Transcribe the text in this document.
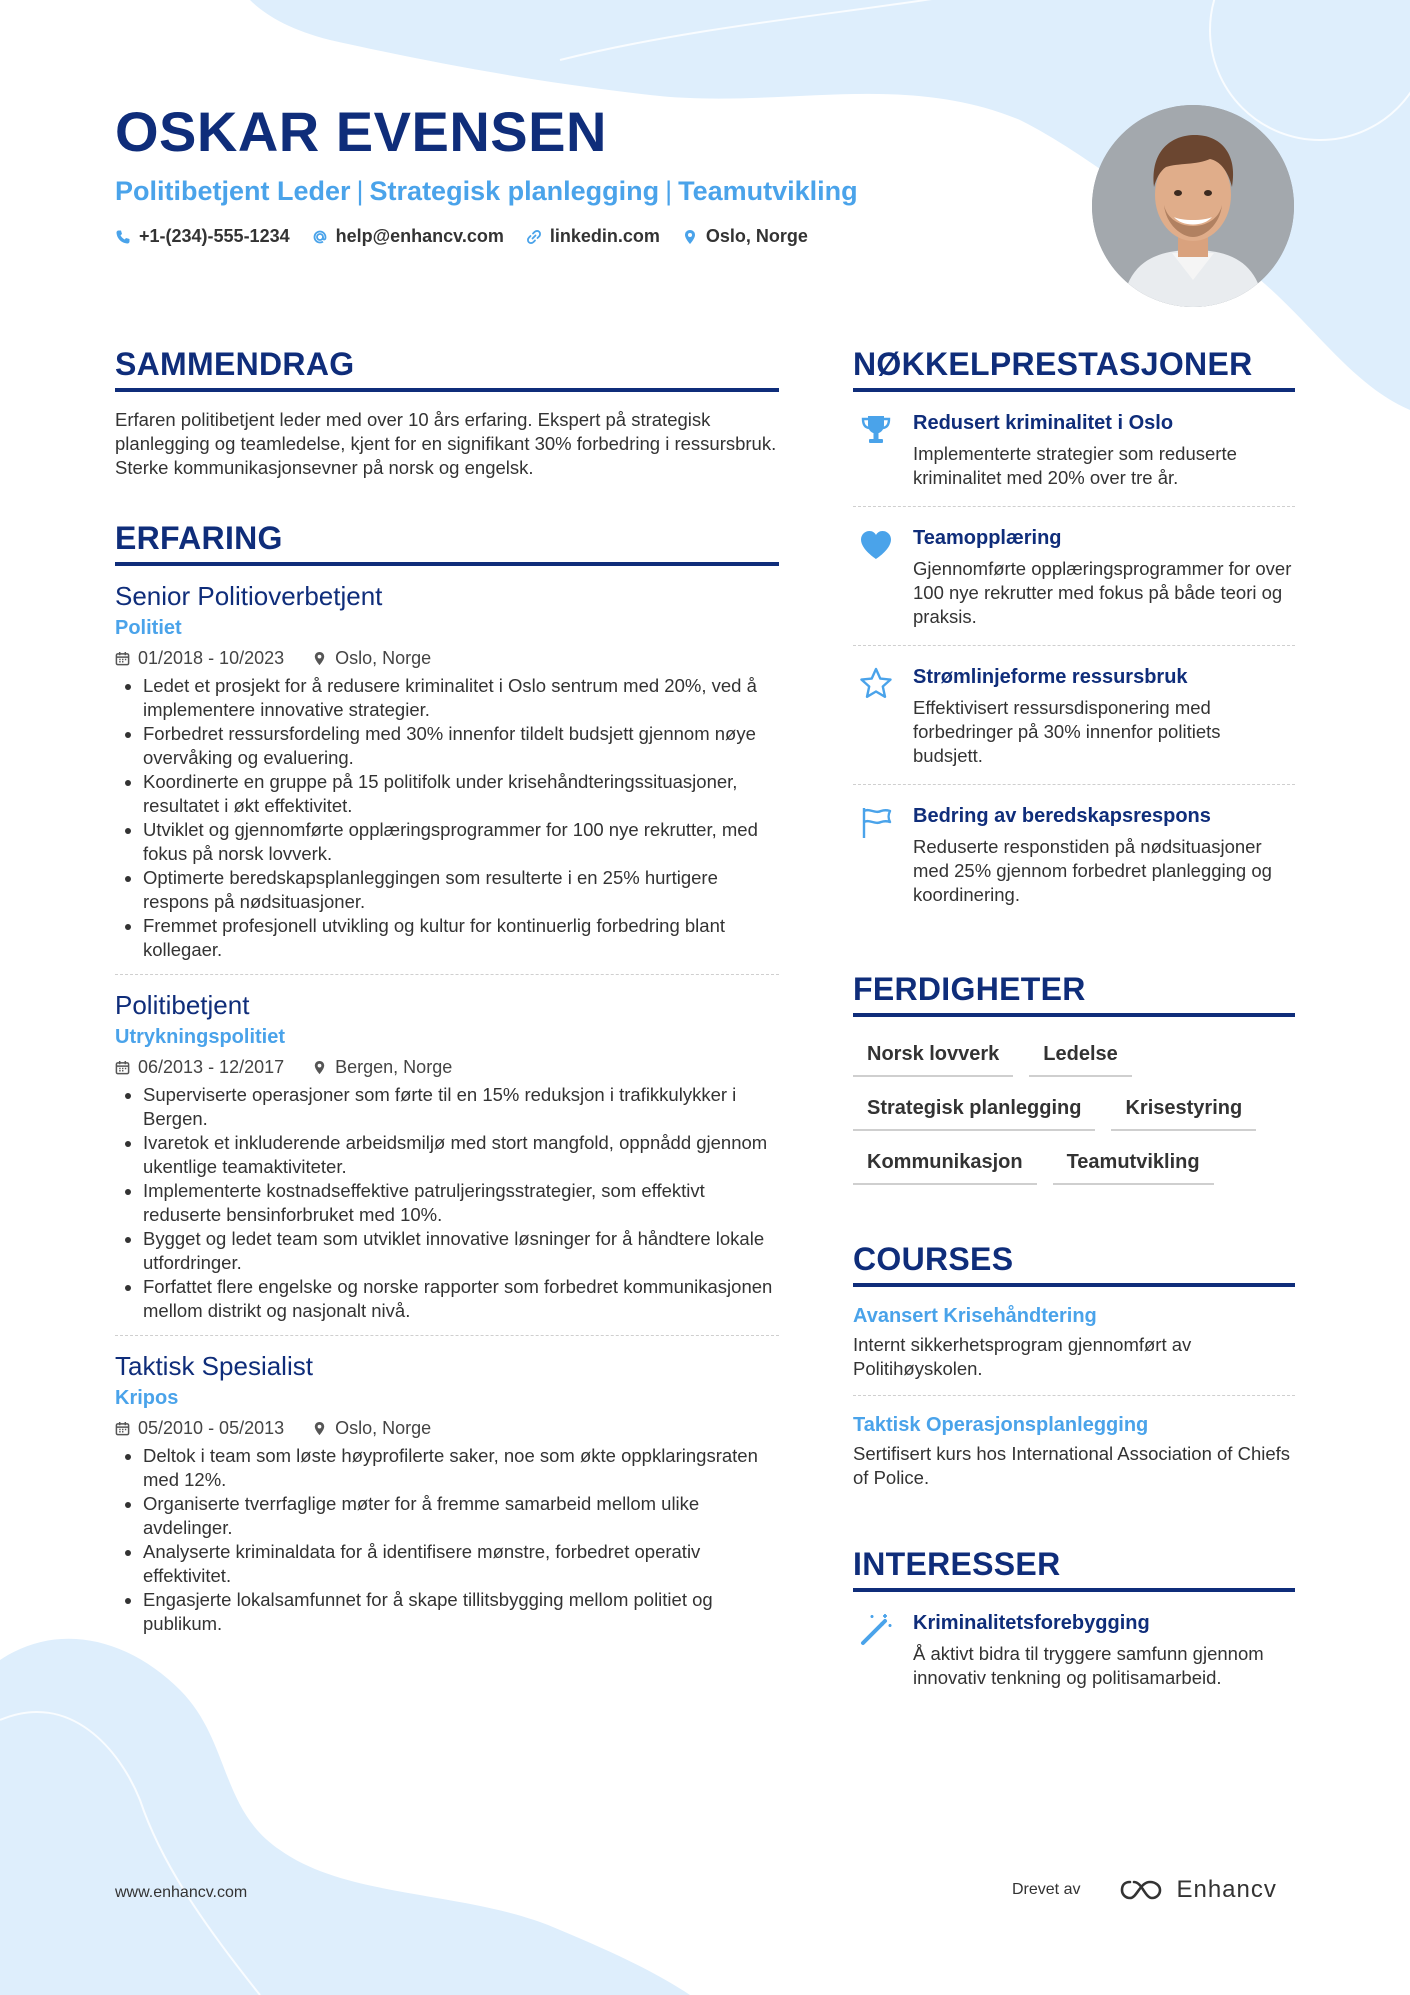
OSKAR EVENSEN
Politibetjent Leder | Strategisk planlegging | Teamutvikling
+1-(234)-555-1234	help@enhancv.com	linkedin.com	Oslo, Norge
SAMMENDRAG
Erfaren politibetjent leder med over 10 års erfaring. Ekspert på strategisk planlegging og teamledelse, kjent for en signifikant 30% forbedring i ressursbruk. Sterke kommunikasjonsevner på norsk og engelsk.
ERFARING
Senior Politioverbetjent
Politiet
01/2018 - 10/2023	Oslo, Norge
Ledet et prosjekt for å redusere kriminalitet i Oslo sentrum med 20%, ved å implementere innovative strategier.
Forbedret ressursfordeling med 30% innenfor tildelt budsjett gjennom nøye overvåking og evaluering.
Koordinerte en gruppe på 15 politifolk under krisehåndteringssituasjoner, resultatet i økt effektivitet.
Utviklet og gjennomførte opplæringsprogrammer for 100 nye rekrutter, med fokus på norsk lovverk.
Optimerte beredskapsplanleggingen som resulterte i en 25% hurtigere respons på nødsituasjoner.
Fremmet profesjonell utvikling og kultur for kontinuerlig forbedring blant kollegaer.
Politibetjent
Utrykningspolitiet
06/2013 - 12/2017	Bergen, Norge
Superviserte operasjoner som førte til en 15% reduksjon i trafikkulykker i Bergen.
Ivaretok et inkluderende arbeidsmiljø med stort mangfold, oppnådd gjennom ukentlige teamaktiviteter.
Implementerte kostnadseffektive patruljeringsstrategier, som effektivt reduserte bensinforbruket med 10%.
Bygget og ledet team som utviklet innovative løsninger for å håndtere lokale utfordringer.
Forfattet flere engelske og norske rapporter som forbedret kommunikasjonen mellom distrikt og nasjonalt nivå.
Taktisk Spesialist
Kripos
05/2010 - 05/2013	Oslo, Norge
Deltok i team som løste høyprofilerte saker, noe som økte oppklaringsraten med 12%.
Organiserte tverrfaglige møter for å fremme samarbeid mellom ulike avdelinger.
Analyserte kriminaldata for å identifisere mønstre, forbedret operativ effektivitet.
Engasjerte lokalsamfunnet for å skape tillitsbygging mellom politiet og publikum.
NØKKELPRESTASJONER
Redusert kriminalitet i Oslo
Implementerte strategier som reduserte kriminalitet med 20% over tre år.
Teamopplæring
Gjennomførte opplæringsprogrammer for over 100 nye rekrutter med fokus på både teori og praksis.
Strømlinjeforme ressursbruk
Effektivisert ressursdisponering med forbedringer på 30% innenfor politiets budsjett.
Bedring av beredskapsrespons
Reduserte responstiden på nødsituasjoner med 25% gjennom forbedret planlegging og koordinering.
FERDIGHETER
Norsk lovverk	Ledelse
Strategisk planlegging	Krisestyring
Kommunikasjon	Teamutvikling
COURSES
Avansert Krisehåndtering
Internt sikkerhetsprogram gjennomført av Politihøyskolen.
Taktisk Operasjonsplanlegging
Sertifisert kurs hos International Association of Chiefs of Police.
INTERESSER
Kriminalitetsforebygging
Å aktivt bidra til tryggere samfunn gjennom innovativ tenkning og politisamarbeid.
www.enhancv.com	Drevet av	Enhancv
